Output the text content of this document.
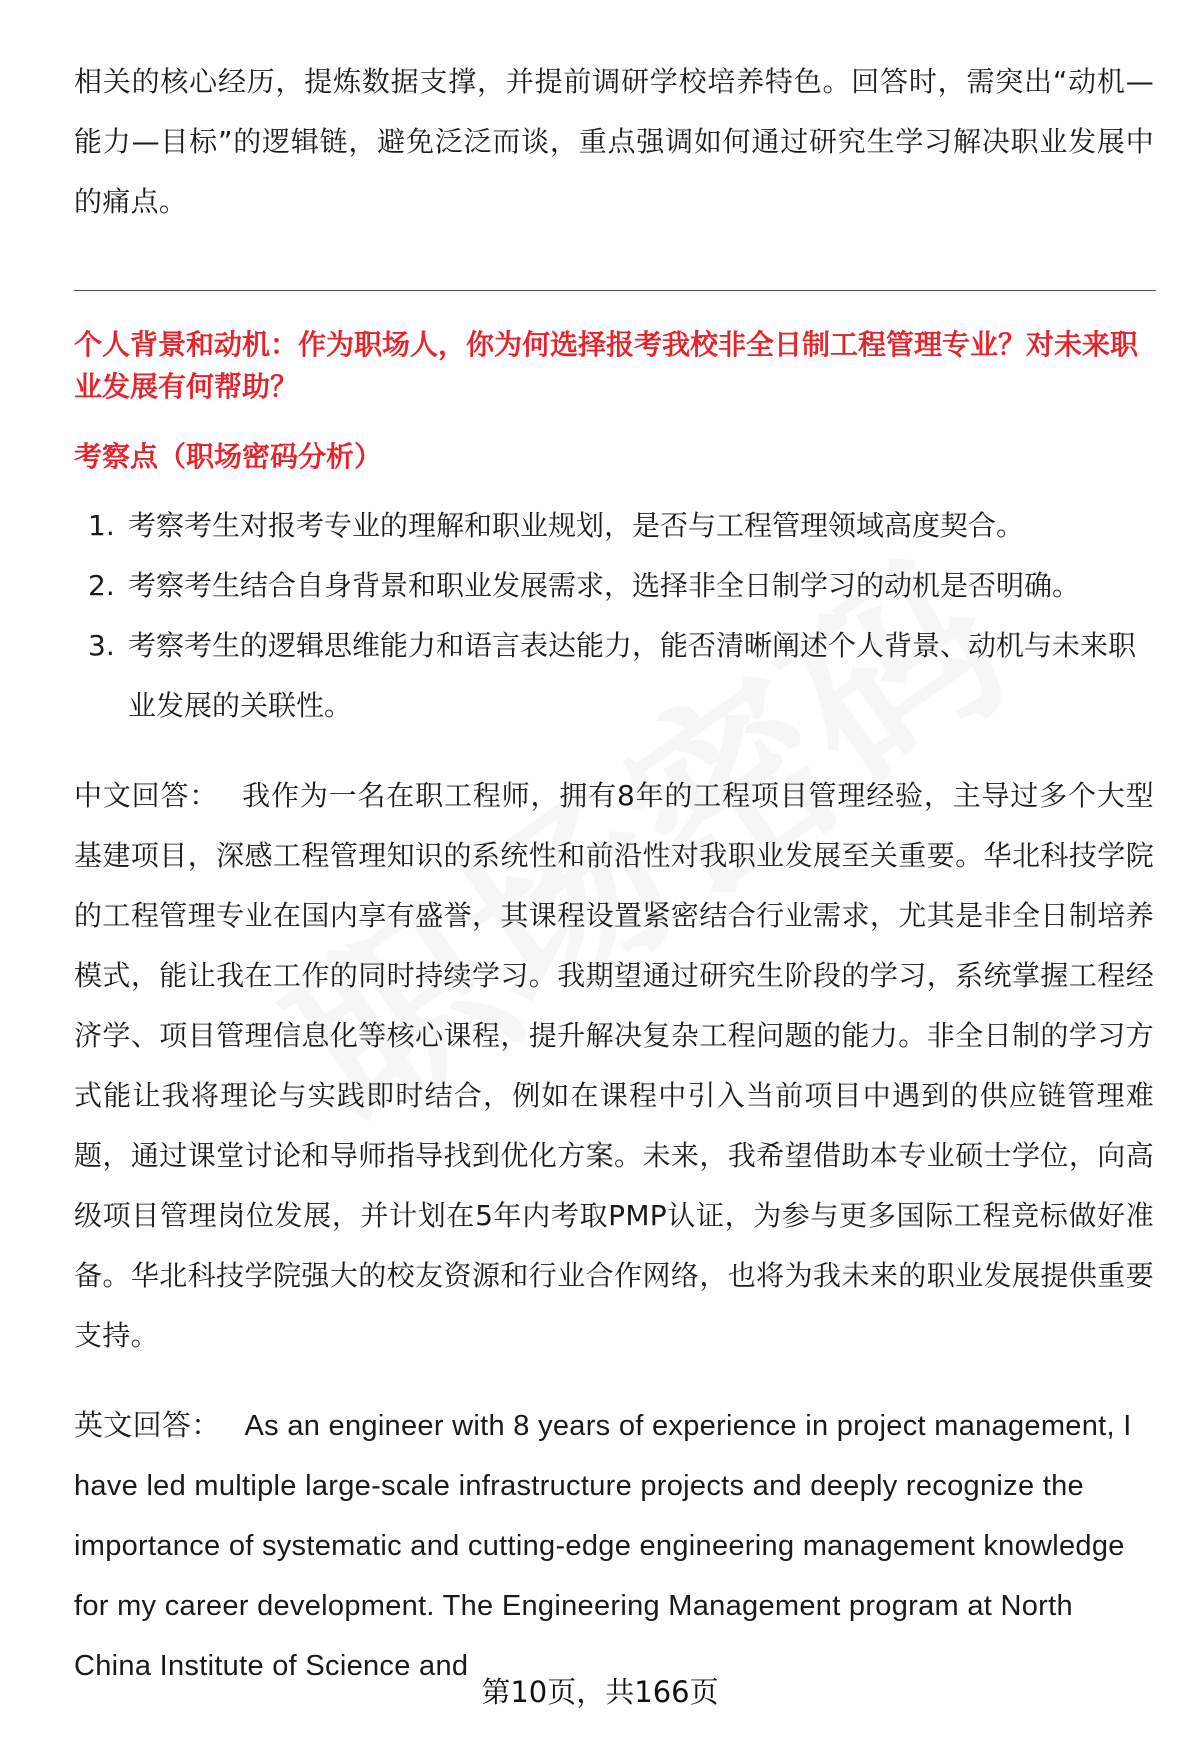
相关的核心经历，提炼数据支撑，并提前调研学校培养特色。回答时，需突出“动机—能力—目标”的逻辑链，避免泛泛而谈，重点强调如何通过研究生学习解决职业发展中的痛点。

个人背景和动机：作为职场人，你为何选择报考我校非全日制工程管理专业？对未来职业发展有何帮助？
考察点（职场密码分析）
1. 考察考生对报考专业的理解和职业规划，是否与工程管理领域高度契合。
2. 考察考生结合自身背景和职业发展需求，选择非全日制学习的动机是否明确。
3. 考察考生的逻辑思维能力和语言表达能力，能否清晰阐述个人背景、动机与未来职业发展的关联性。

中文回答： 我作为一名在职工程师，拥有8年的工程项目管理经验，主导过多个大型基建项目，深感工程管理知识的系统性和前沿性对我职业发展至关重要。华北科技学院的工程管理专业在国内享有盛誉，其课程设置紧密结合行业需求，尤其是非全日制培养模式，能让我在工作的同时持续学习。我期望通过研究生阶段的学习，系统掌握工程经济学、项目管理信息化等核心课程，提升解决复杂工程问题的能力。非全日制的学习方式能让我将理论与实践即时结合，例如在课程中引入当前项目中遇到的供应链管理难题，通过课堂讨论和导师指导找到优化方案。未来，我希望借助本专业硕士学位，向高级项目管理岗位发展，并计划在5年内考取PMP认证，为参与更多国际工程竞标做好准备。华北科技学院强大的校友资源和行业合作网络，也将为我未来的职业发展提供重要支持。

英文回答： As an engineer with 8 years of experience in project management, I have led multiple large-scale infrastructure projects and deeply recognize the importance of systematic and cutting-edge engineering management knowledge for my career development. The Engineering Management program at North China Institute of Science and

第10页，共166页
